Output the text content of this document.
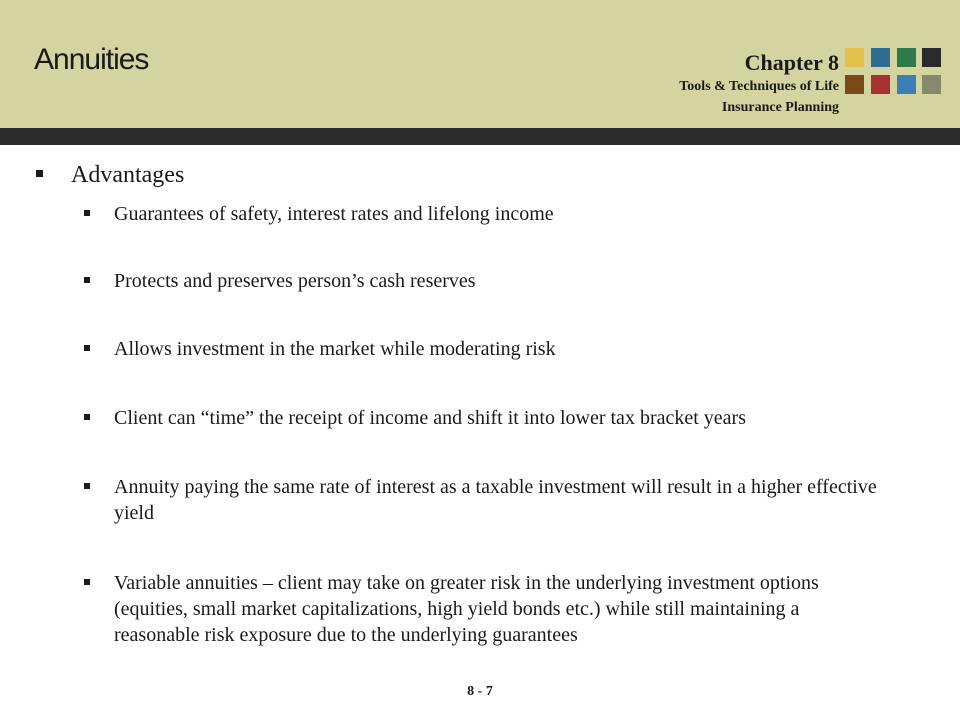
Annuities	Chapter 8
Tools & Techniques of Life
Insurance Planning
Advantages
Guarantees of safety, interest rates and lifelong income
Protects and preserves person’s cash reserves
Allows investment in the market while moderating risk
Client can “time” the receipt of income and shift it into lower tax bracket years
Annuity paying the same rate of interest as a taxable investment will result in a higher effective yield
Variable annuities – client may take on greater risk in the underlying investment options (equities, small market capitalizations, high yield bonds etc.) while still maintaining a reasonable risk exposure due to the underlying guarantees
8 - 7
